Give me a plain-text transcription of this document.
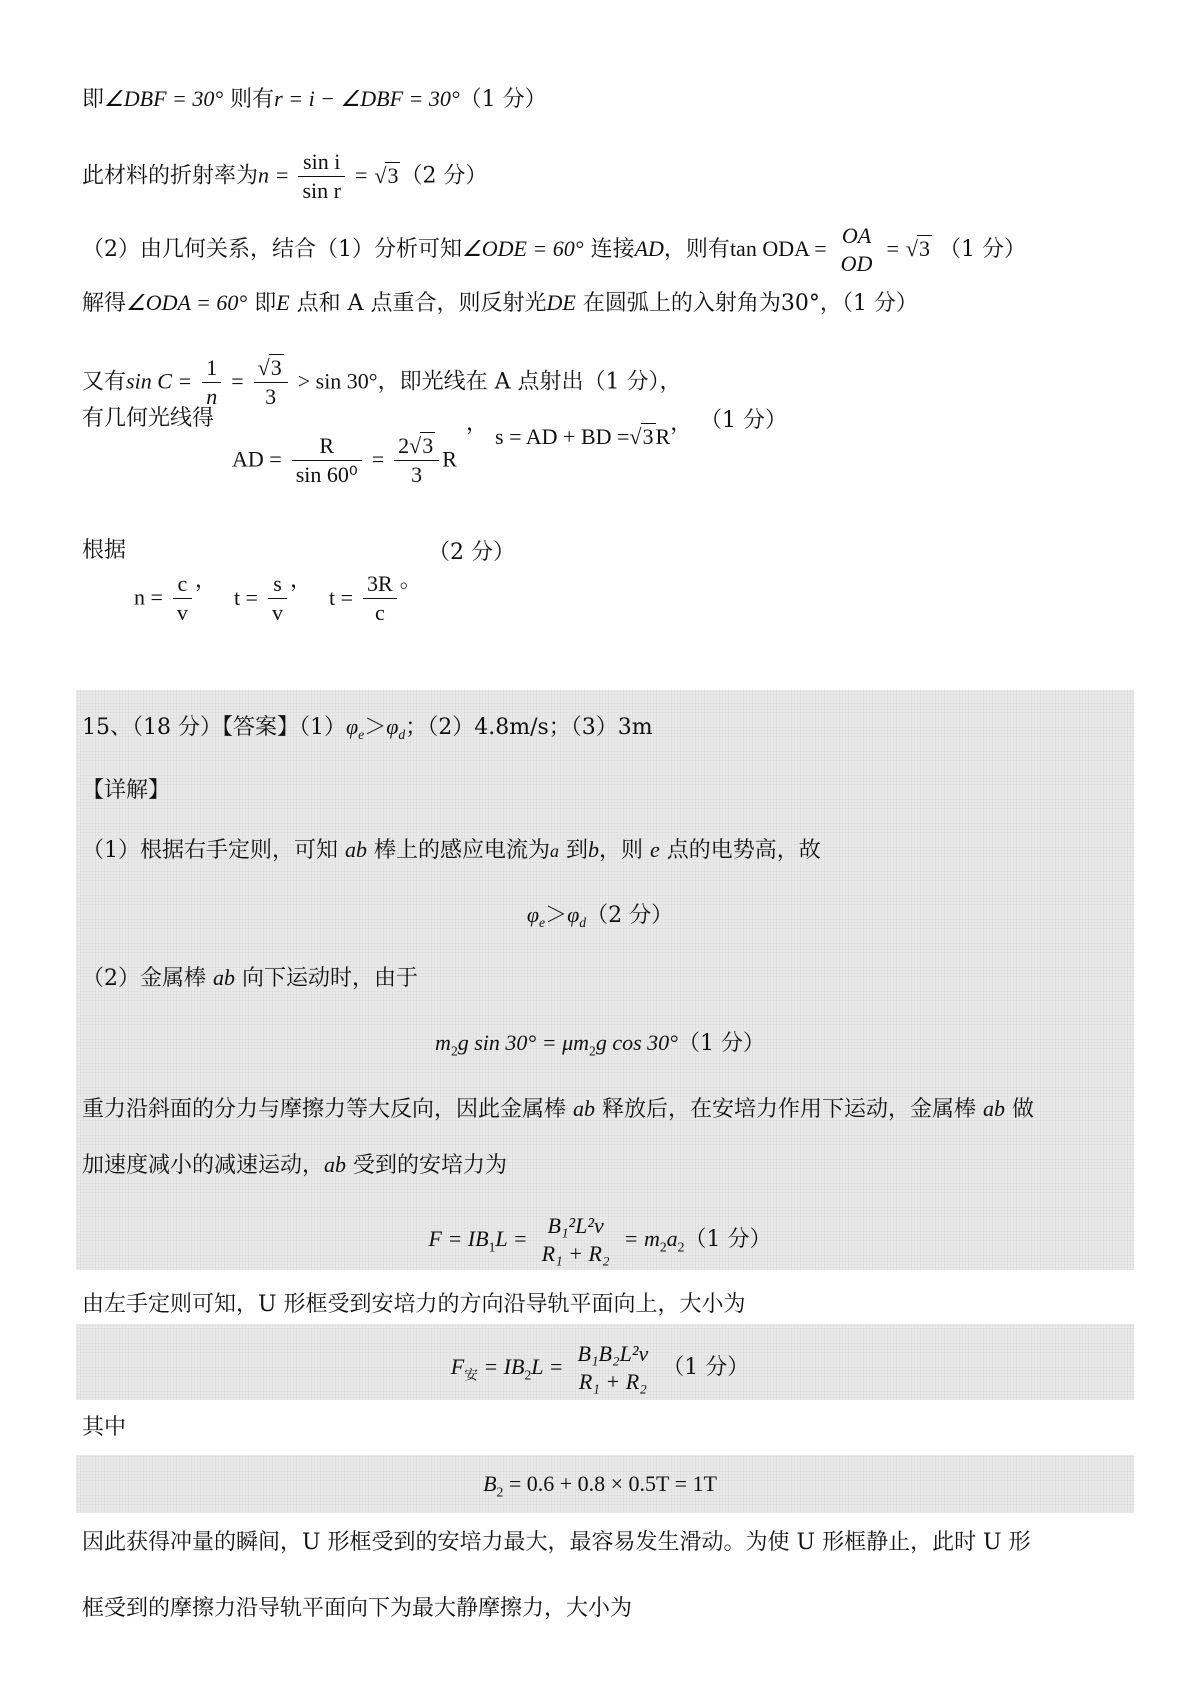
即∠DBF = 30° 则有r = i − ∠DBF = 30°（1 分）
此材料的折射率为$n = \frac{\text{sin i}}{\text{sin r}} = √3(2$ 分）
（2）由几何关系，结合（1）分析可知∠ODE = 60° 连接AD，则有tan ODA =
OA
OD
= √3 （1 分）
解得∠ODA = 60° 即E 点和 A 点重合，则反射光DE 在圆弧上的入射角为30°，（1 分）
又有$\sin C = \frac{1}{n} = \frac{√3}{3} > \sin 30^\circ$，即光线在 A 点射出（1 分），
有几何光线得
AD = $\frac{R}{\text{sin 60⁰}} = \frac{2√3}{3}$ R
， s = AD + BD =√3R， （1 分）
根据
$n = \frac{c}{v}$ ， $t = \frac{s}{v}$ ， $t = \frac{3R}{c}$ 。
（2 分）
15、（18 分）【答案】$(1)\varphi_e>\varphi_d$；（2）4.8m/s；（3）3m
【详解】
（1）根据右手定则，可知 ab 棒上的感应电流为a 到b，则 e 点的电势高，故
$\varphi_e>\varphi_d(2$ 分）
（2）金属棒 ab 向下运动时，由于
$m_2g$ $\sin 30^\circ = \mu m_2g$ cos 30°（1 分）
重力沿斜面的分力与摩擦力等大反向，因此金属棒 ab 释放后，在安培力作用下运动，金属棒 ab 做
加速度减小的减速运动，ab 受到的安培力为
$F = IB_1L$ =
B₁²L²v
R₁ + R₂
= $m_2a_2(1$ 分）
由左手定则可知，U 形框受到安培力的方向沿导轨平面向上，大小为
$F_安 = IB_2L$ =
B₁B₂L²v
R₁ + R₂
（1 分）
其中
$B_2 = 0.6 + 0.8 \times 0.5T = 1T$
因此获得冲量的瞬间，U 形框受到的安培力最大，最容易发生滑动。为使 U 形框静止，此时 U 形
框受到的摩擦力沿导轨平面向下为最大静摩擦力，大小为
